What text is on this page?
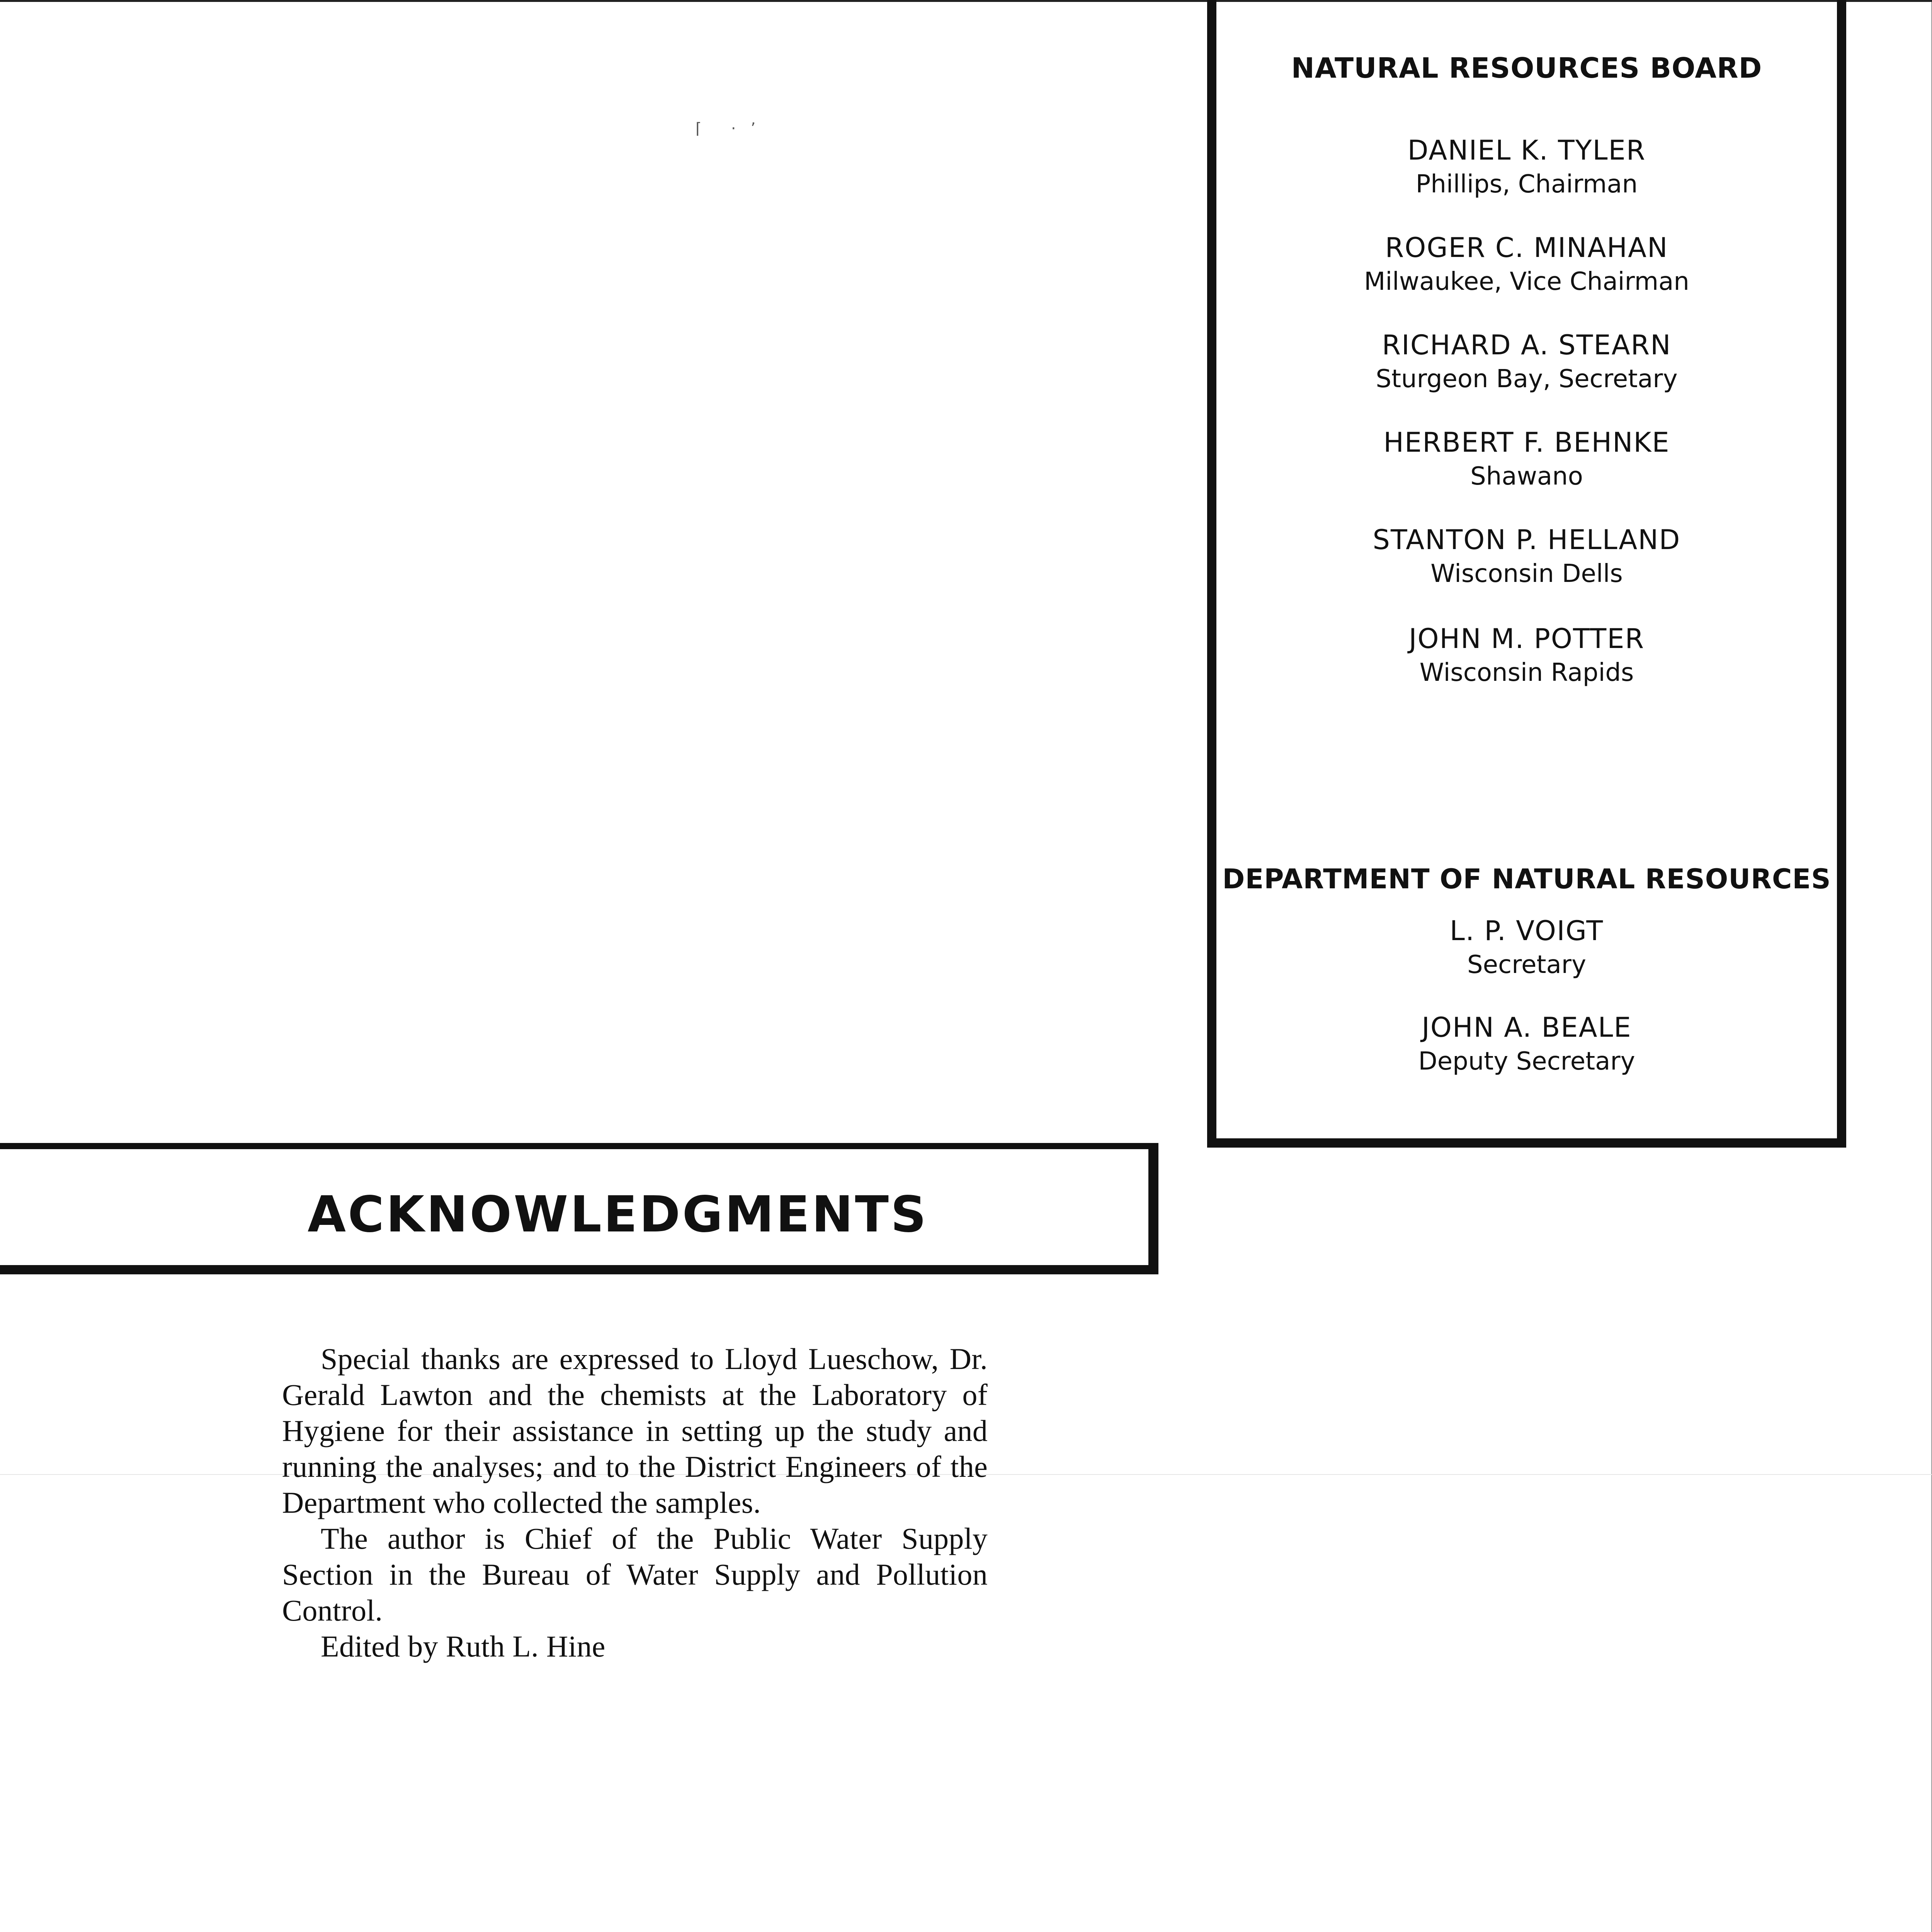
⌈      ·   ’
NATURAL RESOURCES BOARD
DANIEL K. TYLER
Phillips, Chairman
ROGER C. MINAHAN
Milwaukee, Vice Chairman
RICHARD A. STEARN
Sturgeon Bay, Secretary
HERBERT F. BEHNKE
Shawano
STANTON P. HELLAND
Wisconsin Dells
JOHN M. POTTER
Wisconsin Rapids
DEPARTMENT OF NATURAL RESOURCES
L. P. VOIGT
Secretary
JOHN A. BEALE
Deputy Secretary
ACKNOWLEDGMENTS

Special thanks are expressed to Lloyd Lueschow, Dr. Gerald Lawton and the chemists at the Laboratory of Hygiene for their assistance in setting up the study and running the analyses; and to the District Engineers of the Department who collected the samples.

The author is Chief of the Public Water Supply Section in the Bureau of Water Supply and Pollution Control.

Edited by Ruth L. Hine
